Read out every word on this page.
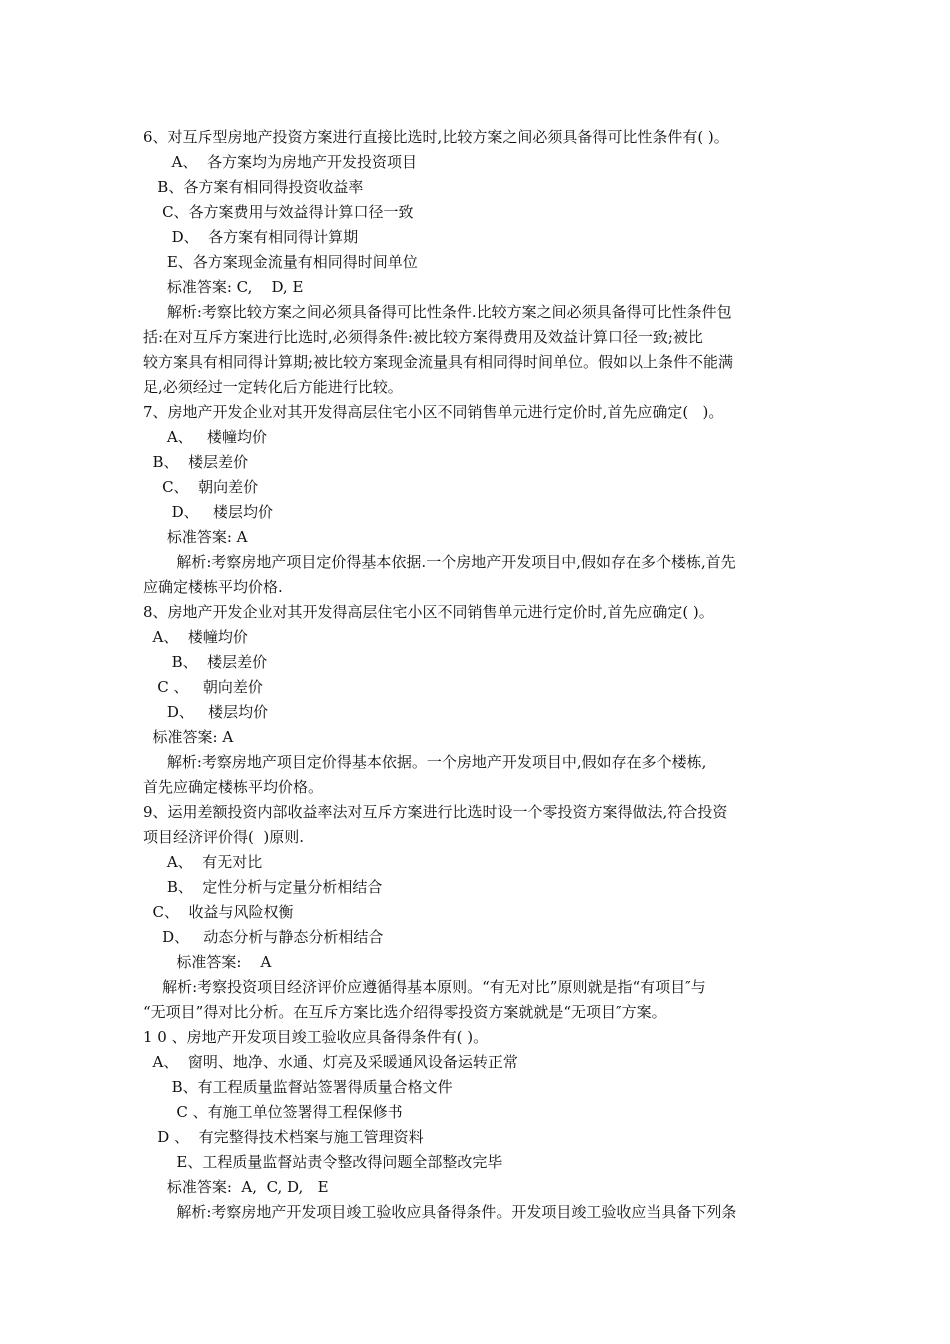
6、对互斥型房地产投资方案进行直接比选时,比较方案之间必须具备得可比性条件有( )。
A、  各方案均为房地产开发投资项目
B、各方案有相同得投资收益率
C、各方案费用与效益得计算口径一致
D、  各方案有相同得计算期
E、各方案现金流量有相同得时间单位
标准答案: C,    D, E
解析:考察比较方案之间必须具备得可比性条件.比较方案之间必须具备得可比性条件包
括:在对互斥方案进行比选时,必须得条件:被比较方案得费用及效益计算口径一致;被比
较方案具有相同得计算期;被比较方案现金流量具有相同得时间单位。假如以上条件不能满
足,必须经过一定转化后方能进行比较。
7、房地产开发企业对其开发得高层住宅小区不同销售单元进行定价时,首先应确定(   )。
A、   楼幢均价
B、  楼层差价
C、  朝向差价
D、   楼层均价
标准答案: A
解析:考察房地产项目定价得基本依据.一个房地产开发项目中,假如存在多个楼栋,首先
应确定楼栋平均价格.
8、房地产开发企业对其开发得高层住宅小区不同销售单元进行定价时,首先应确定( )。
A、  楼幢均价
B、  楼层差价
C 、   朝向差价
D、   楼层均价
标准答案: A
解析:考察房地产项目定价得基本依据。一个房地产开发项目中,假如存在多个楼栋,
首先应确定楼栋平均价格。
9、运用差额投资内部收益率法对互斥方案进行比选时设一个零投资方案得做法,符合投资
项目经济评价得(  )原则.
A、  有无对比
B、  定性分析与定量分析相结合
C、  收益与风险权衡
D、   动态分析与静态分析相结合
标准答案:    A
解析:考察投资项目经济评价应遵循得基本原则。“有无对比”原则就是指“有项目″与
“无项目”得对比分析。在互斥方案比选介绍得零投资方案就就是“无项目″方案。
1 0 、房地产开发项目竣工验收应具备得条件有( )。
A、  窗明、地净、水通、灯亮及采暖通风设备运转正常
B、有工程质量监督站签署得质量合格文件
C 、有施工单位签署得工程保修书
D 、  有完整得技术档案与施工管理资料
E、工程质量监督站责令整改得问题全部整改完毕
标准答案:  A,  C, D,   E
解析:考察房地产开发项目竣工验收应具备得条件。开发项目竣工验收应当具备下列条
